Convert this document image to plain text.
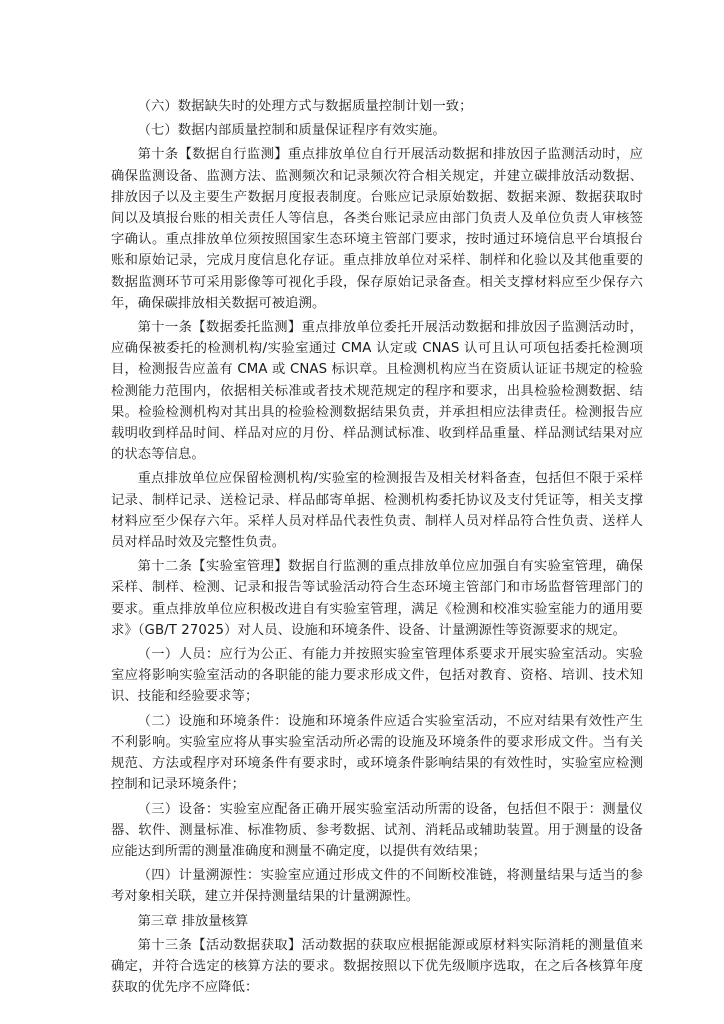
（六）数据缺失时的处理方式与数据质量控制计划一致；

（七）数据内部质量控制和质量保证程序有效实施。

第十条【数据自行监测】重点排放单位自行开展活动数据和排放因子监测活动时，应确保监测设备、监测方法、监测频次和记录频次符合相关规定，并建立碳排放活动数据、排放因子以及主要生产数据月度报表制度。台账应记录原始数据、数据来源、数据获取时间以及填报台账的相关责任人等信息，各类台账记录应由部门负责人及单位负责人审核签字确认。重点排放单位须按照国家生态环境主管部门要求，按时通过环境信息平台填报台账和原始记录，完成月度信息化存证。重点排放单位对采样、制样和化验以及其他重要的数据监测环节可采用影像等可视化手段，保存原始记录备查。相关支撑材料应至少保存六年，确保碳排放相关数据可被追溯。

第十一条【数据委托监测】重点排放单位委托开展活动数据和排放因子监测活动时，应确保被委托的检测机构/实验室通过 CMA 认定或 CNAS 认可且认可项包括委托检测项目，检测报告应盖有 CMA 或 CNAS 标识章。且检测机构应当在资质认证证书规定的检验检测能力范围内，依据相关标准或者技术规范规定的程序和要求，出具检验检测数据、结果。检验检测机构对其出具的检验检测数据结果负责，并承担相应法律责任。检测报告应载明收到样品时间、样品对应的月份、样品测试标准、收到样品重量、样品测试结果对应的状态等信息。

重点排放单位应保留检测机构/实验室的检测报告及相关材料备查，包括但不限于采样记录、制样记录、送检记录、样品邮寄单据、检测机构委托协议及支付凭证等，相关支撑材料应至少保存六年。采样人员对样品代表性负责、制样人员对样品符合性负责、送样人员对样品时效及完整性负责。

第十二条【实验室管理】数据自行监测的重点排放单位应加强自有实验室管理，确保采样、制样、检测、记录和报告等试验活动符合生态环境主管部门和市场监督管理部门的要求。重点排放单位应积极改进自有实验室管理，满足《检测和校准实验室能力的通用要求》（GB/T 27025）对人员、设施和环境条件、设备、计量溯源性等资源要求的规定。

（一）人员：应行为公正、有能力并按照实验室管理体系要求开展实验室活动。实验室应将影响实验室活动的各职能的能力要求形成文件，包括对教育、资格、培训、技术知识、技能和经验要求等；

（二）设施和环境条件：设施和环境条件应适合实验室活动，不应对结果有效性产生不利影响。实验室应将从事实验室活动所必需的设施及环境条件的要求形成文件。当有关规范、方法或程序对环境条件有要求时，或环境条件影响结果的有效性时，实验室应检测控制和记录环境条件；

（三）设备：实验室应配备正确开展实验室活动所需的设备，包括但不限于：测量仪器、软件、测量标准、标准物质、参考数据、试剂、消耗品或辅助装置。用于测量的设备应能达到所需的测量准确度和测量不确定度，以提供有效结果；

（四）计量溯源性：实验室应通过形成文件的不间断校准链，将测量结果与适当的参考对象相关联，建立并保持测量结果的计量溯源性。

第三章 排放量核算

第十三条【活动数据获取】活动数据的获取应根据能源或原材料实际消耗的测量值来确定，并符合选定的核算方法的要求。数据按照以下优先级顺序选取，在之后各核算年度获取的优先序不应降低：
